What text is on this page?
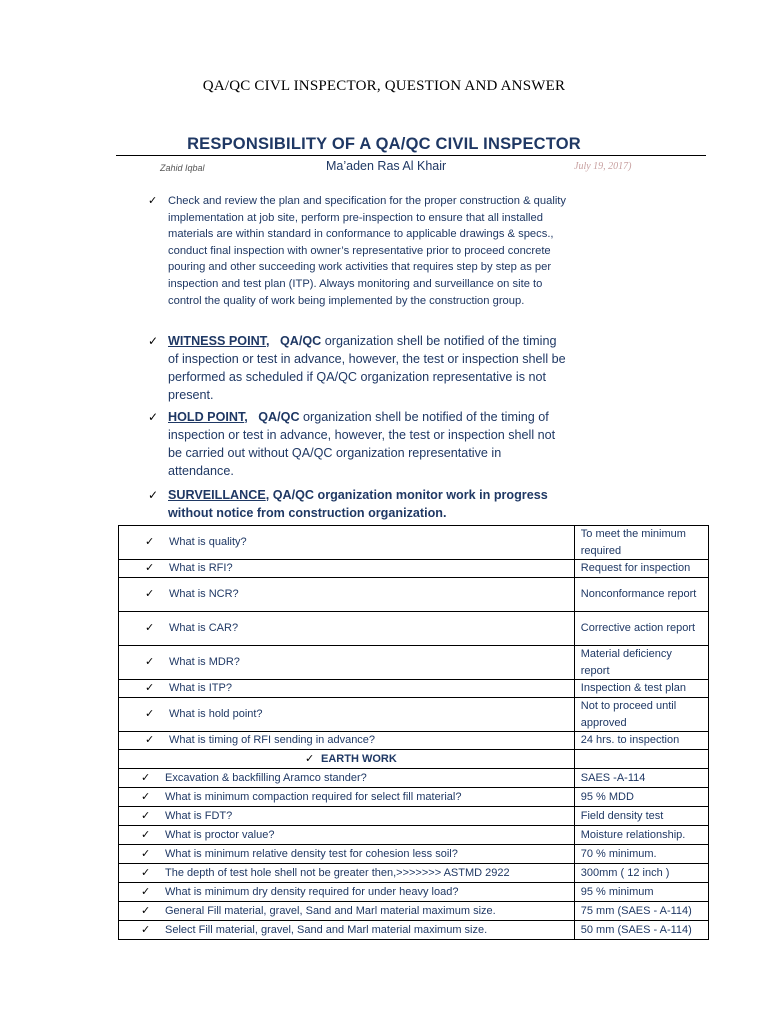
QA/QC CIVL INSPECTOR, QUESTION AND ANSWER
RESPONSIBILITY OF A QA/QC CIVIL INSPECTOR
Zahid Iqbal	Ma’aden Ras Al Khair	July 19, 2017)
✓ Check and review the plan and specification for the proper construction & quality implementation at job site, perform pre-inspection to ensure that all installed materials are within standard in conformance to applicable drawings & specs., conduct final inspection with owner’s representative prior to proceed concrete pouring and other succeeding work activities that requires step by step as per inspection and test plan (ITP). Always monitoring and surveillance on site to control the quality of work being implemented by the construction group.
✓ WITNESS POINT, QA/QC organization shell be notified of the timing of inspection or test in advance, however, the test or inspection shell be performed as scheduled if QA/QC organization representative is not present.
✓ HOLD POINT, QA/QC organization shell be notified of the timing of inspection or test in advance, however, the test or inspection shell not be carried out without QA/QC organization representative in attendance.
✓ SURVEILLANCE, QA/QC organization monitor work in progress without notice from construction organization.
✓ What is quality?	To meet the minimum required
✓ What is RFI?	Request for inspection
✓ What is NCR?	Nonconformance report
✓ What is CAR?	Corrective action report
✓ What is MDR?	Material deficiency report
✓ What is ITP?	Inspection & test plan
✓ What is hold point?	Not to proceed until approved
✓ What is timing of RFI sending in advance?	24 hrs. to inspection
✓ EARTH WORK	
✓ Excavation & backfilling Aramco stander?	SAES -A-114
✓ What is minimum compaction required for select fill material?	95 % MDD
✓ What is FDT?	Field density test
✓ What is proctor value?	Moisture relationship.
✓ What is minimum relative density test for cohesion less soil?	70 % minimum.
✓ The depth of test hole shell not be greater then,>>>>>>> ASTMD 2922	300mm ( 12 inch )
✓ What is minimum dry density required for under heavy load?	95 % minimum
✓ General Fill material, gravel, Sand and Marl material maximum size.	75 mm (SAES - A-114)
✓ Select Fill material, gravel, Sand and Marl material maximum size.	50 mm (SAES - A-114)
